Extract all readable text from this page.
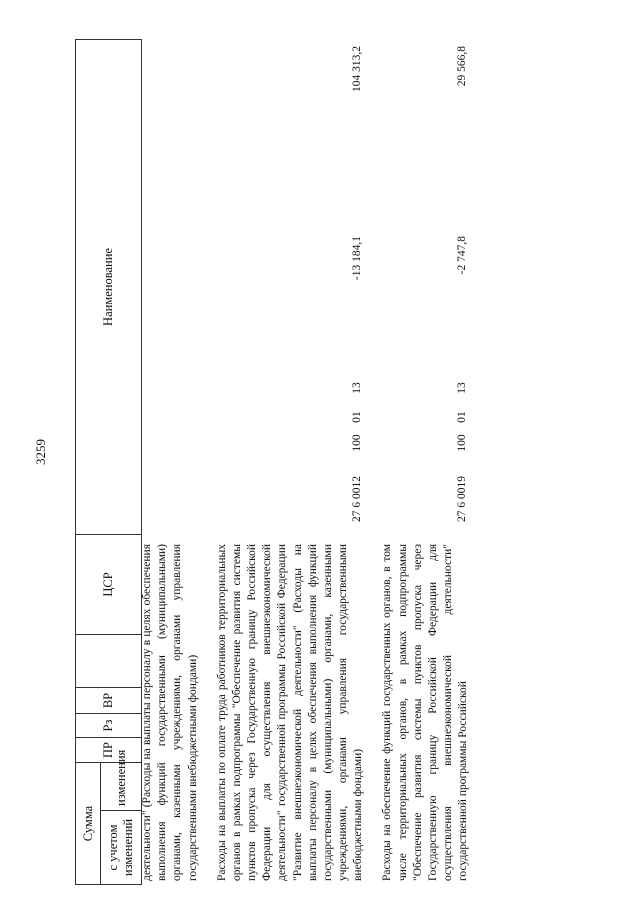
3259
Сумма		ПР	Рз	ВР		ЦСР	Наименование
с учетом изменений	изменения						деятельности" (Расходы на выплаты персоналу в целях обеспечения выполнения функций государственными (муниципальными) органами, казенными учреждениями, органами управления государственными внебюджетными фондами)						

Расходы на выплаты по оплате труда работников территориальных органов в рамках подпрограммы "Обеспечение развития системы пунктов пропуска через Государственную границу Российской Федерации для осуществления внешнеэкономической деятельности" государственной программы Российской Федерации "Развитие внешнеэкономической деятельности" (Расходы на выплаты персоналу в целях обеспечения выполнения функций государственными (муниципальными) органами, казенными учреждениями, органами управления государственными внебюджетными фондами)	27 6 0012	100	01	13	-13 184,1	104 313,2

Расходы на обеспечение функций государственных органов, в том числе территориальных органов, в рамках подпрограммы "Обеспечение развития системы пунктов пропуска через Государственную границу Российской Федерации для осуществления внешнеэкономической деятельности" государственной программы Российской	27 6 0019	100	01	13	-2 747,8	29 566,8
